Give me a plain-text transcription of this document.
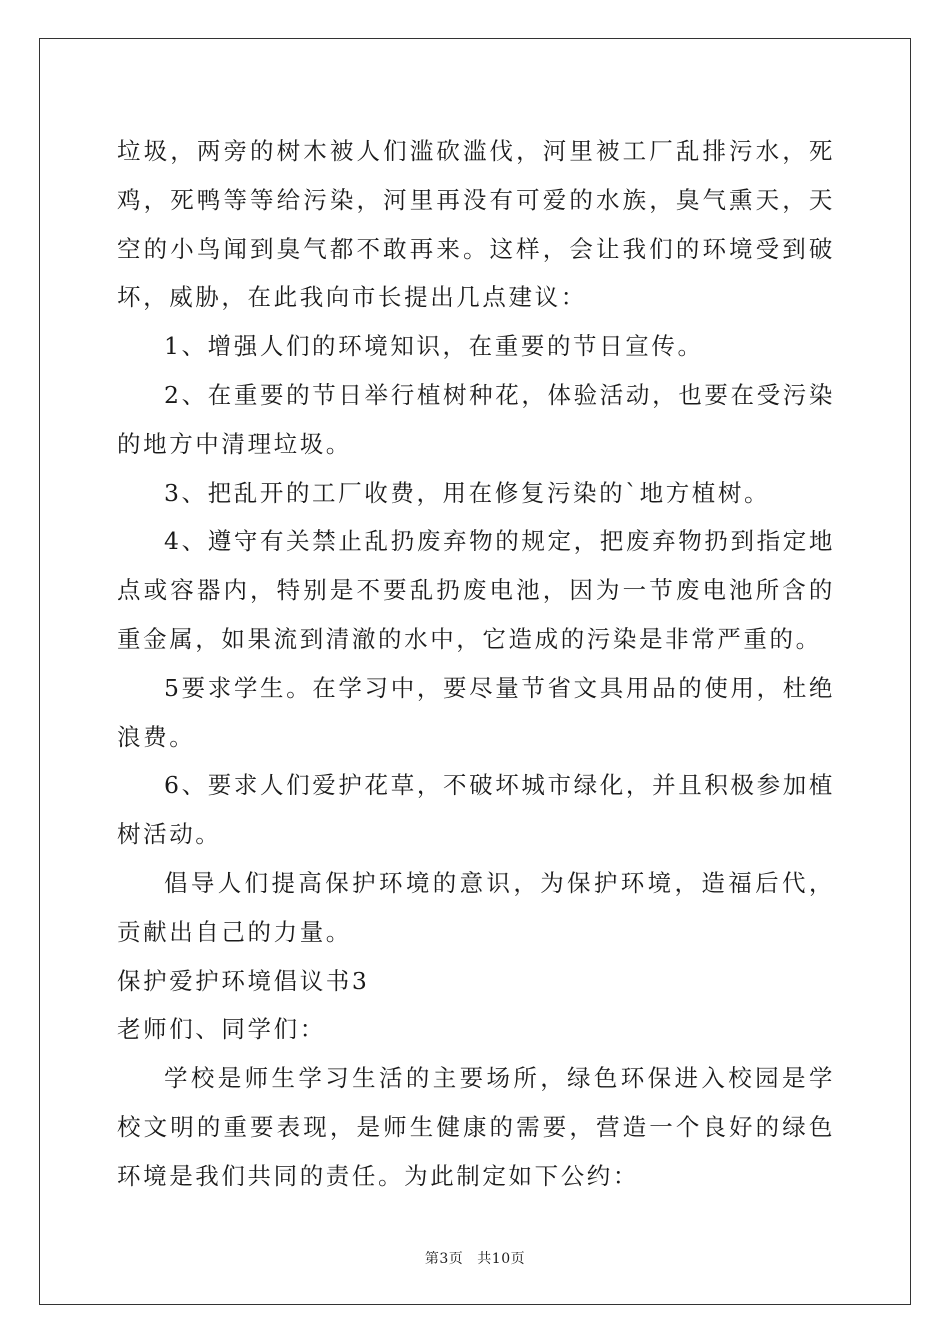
垃圾，两旁的树木被人们滥砍滥伐，河里被工厂乱排污水，死鸡，死鸭等等给污染，河里再没有可爱的水族，臭气熏天，天空的小鸟闻到臭气都不敢再来。这样，会让我们的环境受到破坏，威胁，在此我向市长提出几点建议：

1、增强人们的环境知识，在重要的节日宣传。

2、在重要的节日举行植树种花，体验活动，也要在受污染的地方中清理垃圾。

3、把乱开的工厂收费，用在修复污染的`地方植树。

4、遵守有关禁止乱扔废弃物的规定，把废弃物扔到指定地点或容器内，特别是不要乱扔废电池，因为一节废电池所含的重金属，如果流到清澈的水中，它造成的污染是非常严重的。

5要求学生。在学习中，要尽量节省文具用品的使用，杜绝浪费。

6、要求人们爱护花草，不破坏城市绿化，并且积极参加植树活动。

倡导人们提高保护环境的意识，为保护环境，造福后代，贡献出自己的力量。

保护爱护环境倡议书3

老师们、同学们：

学校是师生学习生活的主要场所，绿色环保进入校园是学校文明的重要表现，是师生健康的需要，营造一个良好的绿色环境是我们共同的责任。为此制定如下公约：

第3页 共10页
